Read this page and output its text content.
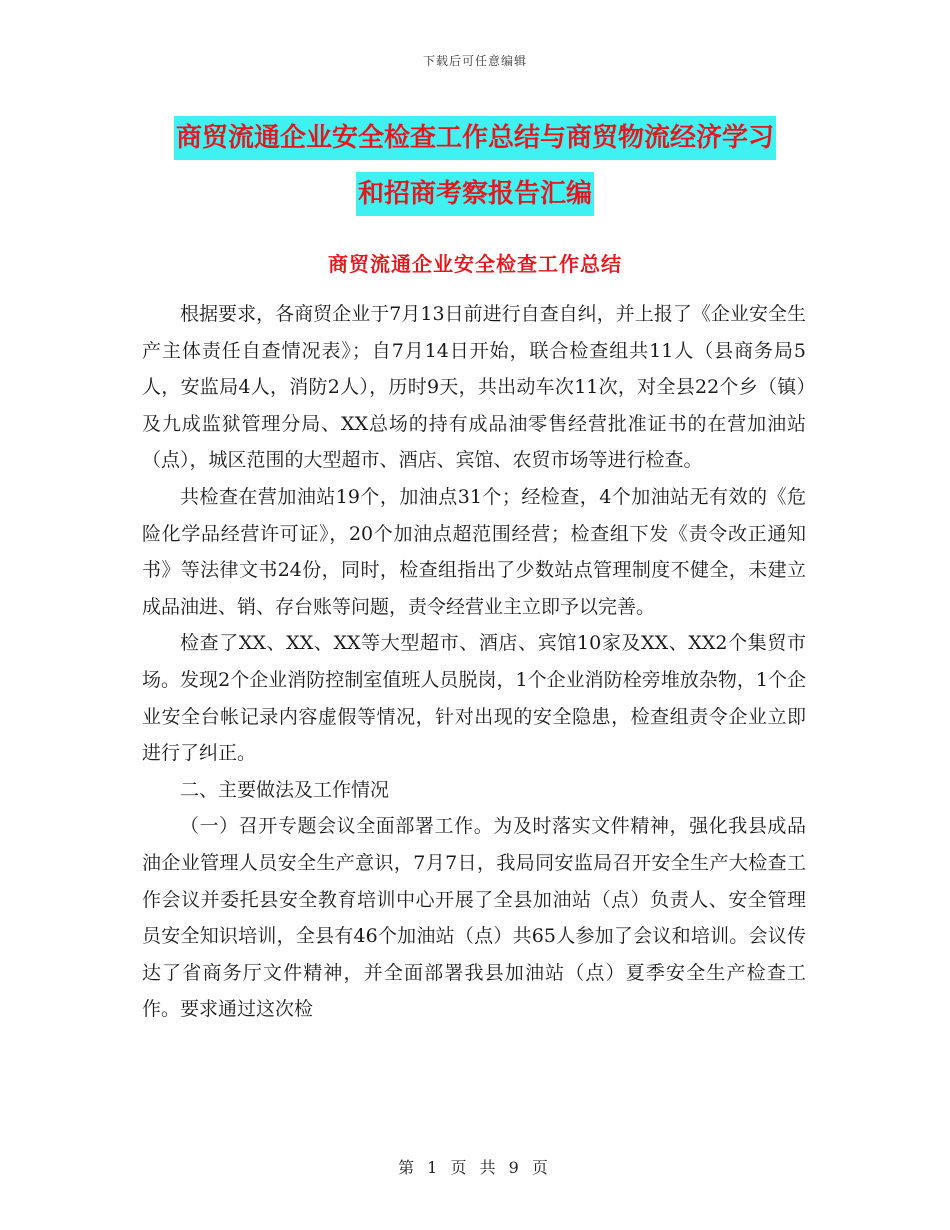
下载后可任意编辑
商贸流通企业安全检查工作总结与商贸物流经济学习
和招商考察报告汇编
商贸流通企业安全检查工作总结

根据要求，各商贸企业于7月13日前进行自查自纠，并上报了《企业安全生产主体责任自查情况表》；自7月14日开始，联合检查组共11人（县商务局5人，安监局4人，消防2人），历时9天，共出动车次11次，对全县22个乡（镇）及九成监狱管理分局、XX总场的持有成品油零售经营批准证书的在营加油站（点），城区范围的大型超市、酒店、宾馆、农贸市场等进行检查。

共检查在营加油站19个，加油点31个；经检查，4个加油站无有效的《危险化学品经营许可证》，20个加油点超范围经营；检查组下发《责令改正通知书》等法律文书24份，同时，检查组指出了少数站点管理制度不健全，未建立成品油进、销、存台账等问题，责令经营业主立即予以完善。

检查了XX、XX、XX等大型超市、酒店、宾馆10家及XX、XX2个集贸市场。发现2个企业消防控制室值班人员脱岗，1个企业消防栓旁堆放杂物，1个企业安全台帐记录内容虚假等情况，针对出现的安全隐患，检查组责令企业立即进行了纠正。

二、主要做法及工作情况

（一）召开专题会议全面部署工作。为及时落实文件精神，强化我县成品油企业管理人员安全生产意识，7月7日，我局同安监局召开安全生产大检查工作会议并委托县安全教育培训中心开展了全县加油站（点）负责人、安全管理员安全知识培训，全县有46个加油站（点）共65人参加了会议和培训。会议传达了省商务厅文件精神，并全面部署我县加油站（点）夏季安全生产检查工作。要求通过这次检

第 1 页 共 9 页
